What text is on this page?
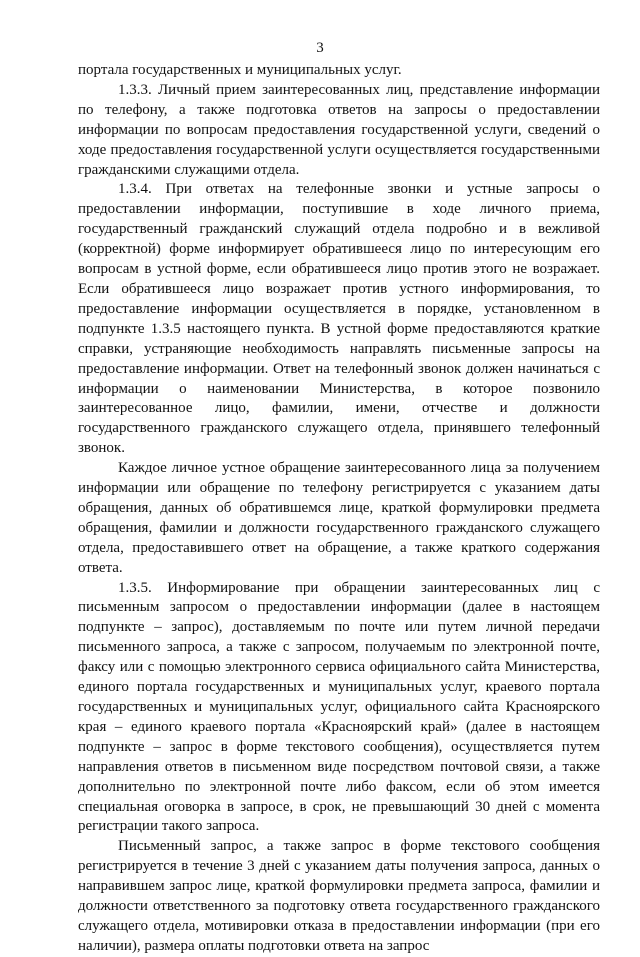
3

портала государственных и муниципальных услуг.

1.3.3. Личный прием заинтересованных лиц, представление информации по телефону, а также подготовка ответов на запросы о предоставлении информации по вопросам предоставления государственной услуги, сведений о ходе предоставления государственной услуги осуществляется государственными гражданскими служащими отдела.

1.3.4. При ответах на телефонные звонки и устные запросы о предоставлении информации, поступившие в ходе личного приема, государственный гражданский служащий отдела подробно и в вежливой (корректной) форме информирует обратившееся лицо по интересующим его вопросам в устной форме, если обратившееся лицо против этого не возражает. Если обратившееся лицо возражает против устного информирования, то предоставление информации осуществляется в порядке, установленном в подпункте 1.3.5 настоящего пункта. В устной форме предоставляются краткие справки, устраняющие необходимость направлять письменные запросы на предоставление информации. Ответ на телефонный звонок должен начинаться с информации о наименовании Министерства, в которое позвонило заинтересованное лицо, фамилии, имени, отчестве и должности государственного гражданского служащего отдела, принявшего телефонный звонок.

Каждое личное устное обращение заинтересованного лица за получением информации или обращение по телефону регистрируется с указанием даты обращения, данных об обратившемся лице, краткой формулировки предмета обращения, фамилии и должности государственного гражданского служащего отдела, предоставившего ответ на обращение, а также краткого содержания ответа.

1.3.5. Информирование при обращении заинтересованных лиц с письменным запросом о предоставлении информации (далее в настоящем подпункте – запрос), доставляемым по почте или путем личной передачи письменного запроса, а также с запросом, получаемым по электронной почте, факсу или с помощью электронного сервиса официального сайта Министерства, единого портала государственных и муниципальных услуг, краевого портала государственных и муниципальных услуг, официального сайта Красноярского края – единого краевого портала «Красноярский край» (далее в настоящем подпункте – запрос в форме текстового сообщения), осуществляется путем направления ответов в письменном виде посредством почтовой связи, а также дополнительно по электронной почте либо факсом, если об этом имеется специальная оговорка в запросе, в срок, не превышающий 30 дней с момента регистрации такого запроса.

Письменный запрос, а также запрос в форме текстового сообщения регистрируется в течение 3 дней с указанием даты получения запроса, данных о направившем запрос лице, краткой формулировки предмета запроса, фамилии и должности ответственного за подготовку ответа государственного гражданского служащего отдела, мотивировки отказа в предоставлении информации (при его наличии), размера оплаты подготовки ответа на запрос
